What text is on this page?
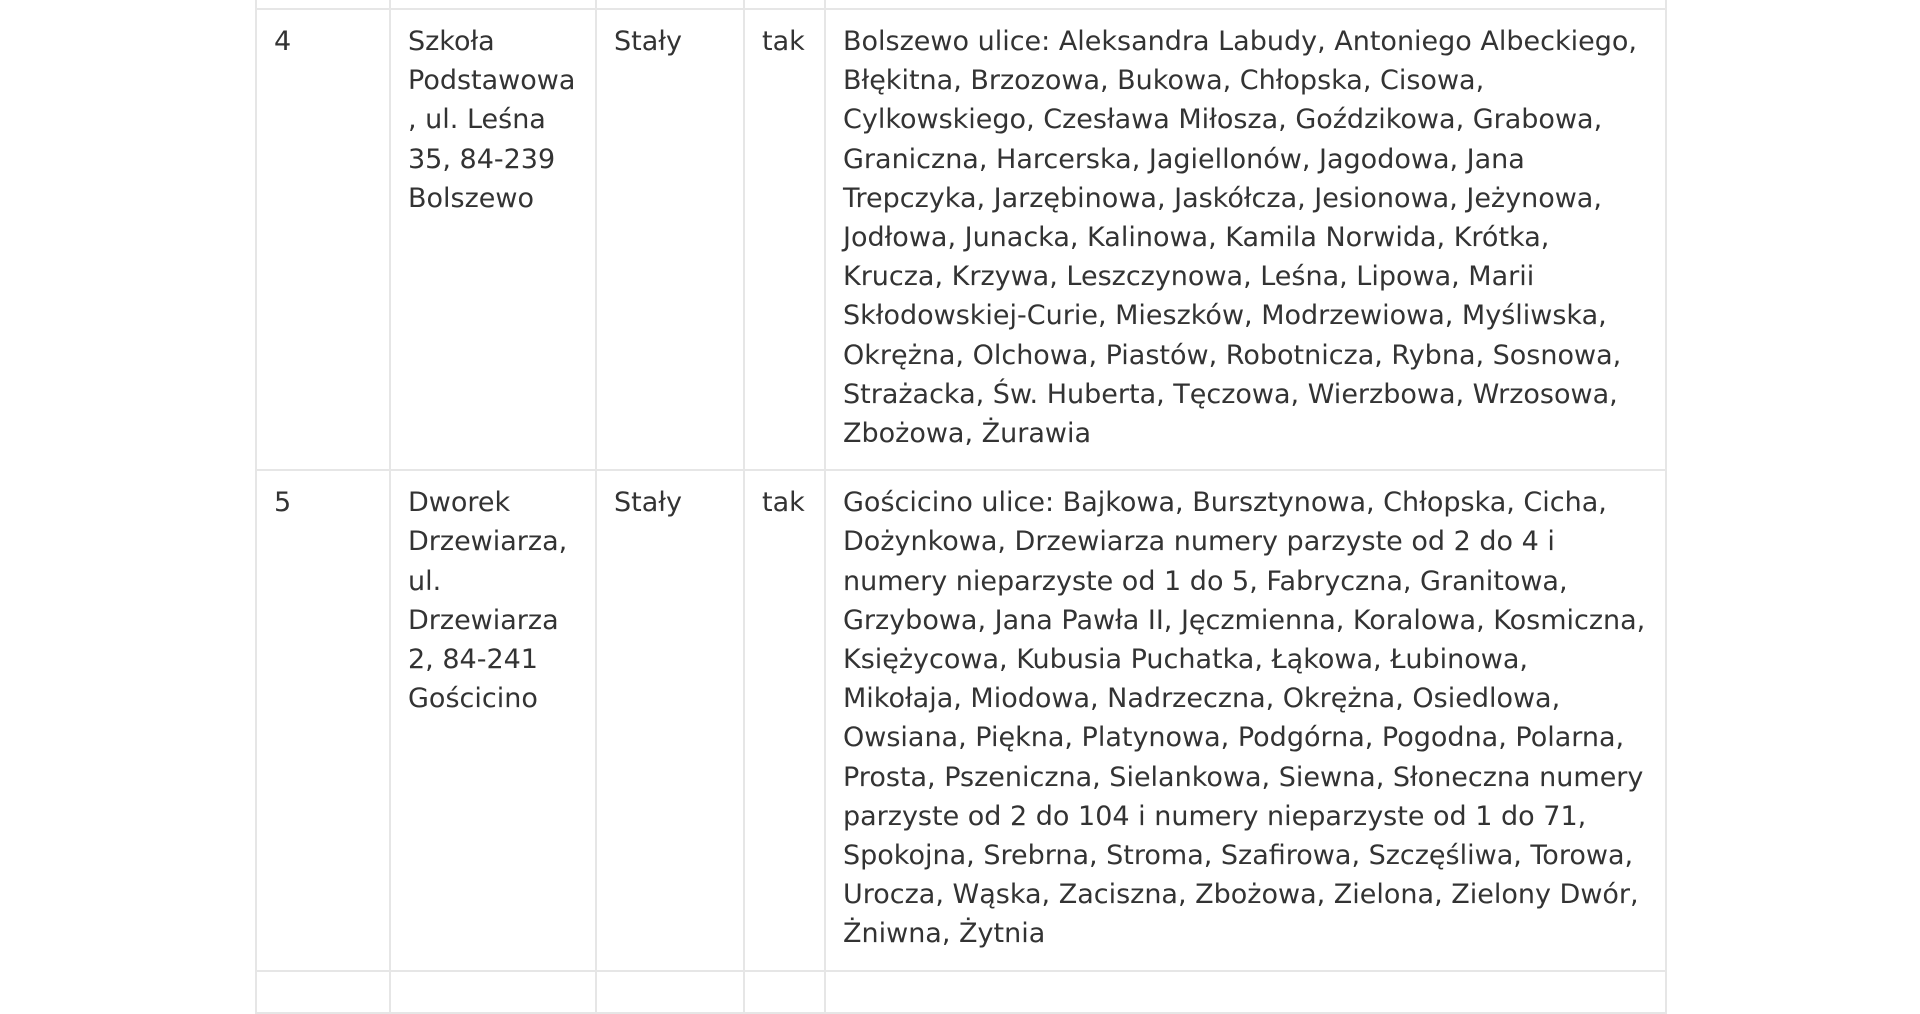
4	Szkoła Podstawowa, ul. Leśna 35, 84-239 Bolszewo	Stały	tak	Bolszewo ulice: Aleksandra Labudy, Antoniego Albeckiego, Błękitna, Brzozowa, Bukowa, Chłopska, Cisowa, Cylkowskiego, Czesława Miłosza, Goździkowa, Grabowa, Graniczna, Harcerska, Jagiellonów, Jagodowa, Jana Trepczyka, Jarzębinowa, Jaskółcza, Jesionowa, Jeżynowa, Jodłowa, Junacka, Kalinowa, Kamila Norwida, Krótka, Krucza, Krzywa, Leszczynowa, Leśna, Lipowa, Marii Skłodowskiej-Curie, Mieszków, Modrzewiowa, Myśliwska, Okrężna, Olchowa, Piastów, Robotnicza, Rybna, Sosnowa, Strażacka, Św. Huberta, Tęczowa, Wierzbowa, Wrzosowa, Zbożowa, Żurawia
5	Dworek Drzewiarza, ul. Drzewiarza 2, 84-241 Gościcino	Stały	tak	Gościcino ulice: Bajkowa, Bursztynowa, Chłopska, Cicha, Dożynkowa, Drzewiarza numery parzyste od 2 do 4 i numery nieparzyste od 1 do 5, Fabryczna, Granitowa, Grzybowa, Jana Pawła II, Jęczmienna, Koralowa, Kosmiczna, Księżycowa, Kubusia Puchatka, Łąkowa, Łubinowa, Mikołaja, Miodowa, Nadrzeczna, Okrężna, Osiedlowa, Owsiana, Piękna, Platynowa, Podgórna, Pogodna, Polarna, Prosta, Pszeniczna, Sielankowa, Siewna, Słoneczna numery parzyste od 2 do 104 i numery nieparzyste od 1 do 71, Spokojna, Srebrna, Stroma, Szafirowa, Szczęśliwa, Torowa, Urocza, Wąska, Zaciszna, Zbożowa, Zielona, Zielony Dwór, Żniwna, Żytnia
